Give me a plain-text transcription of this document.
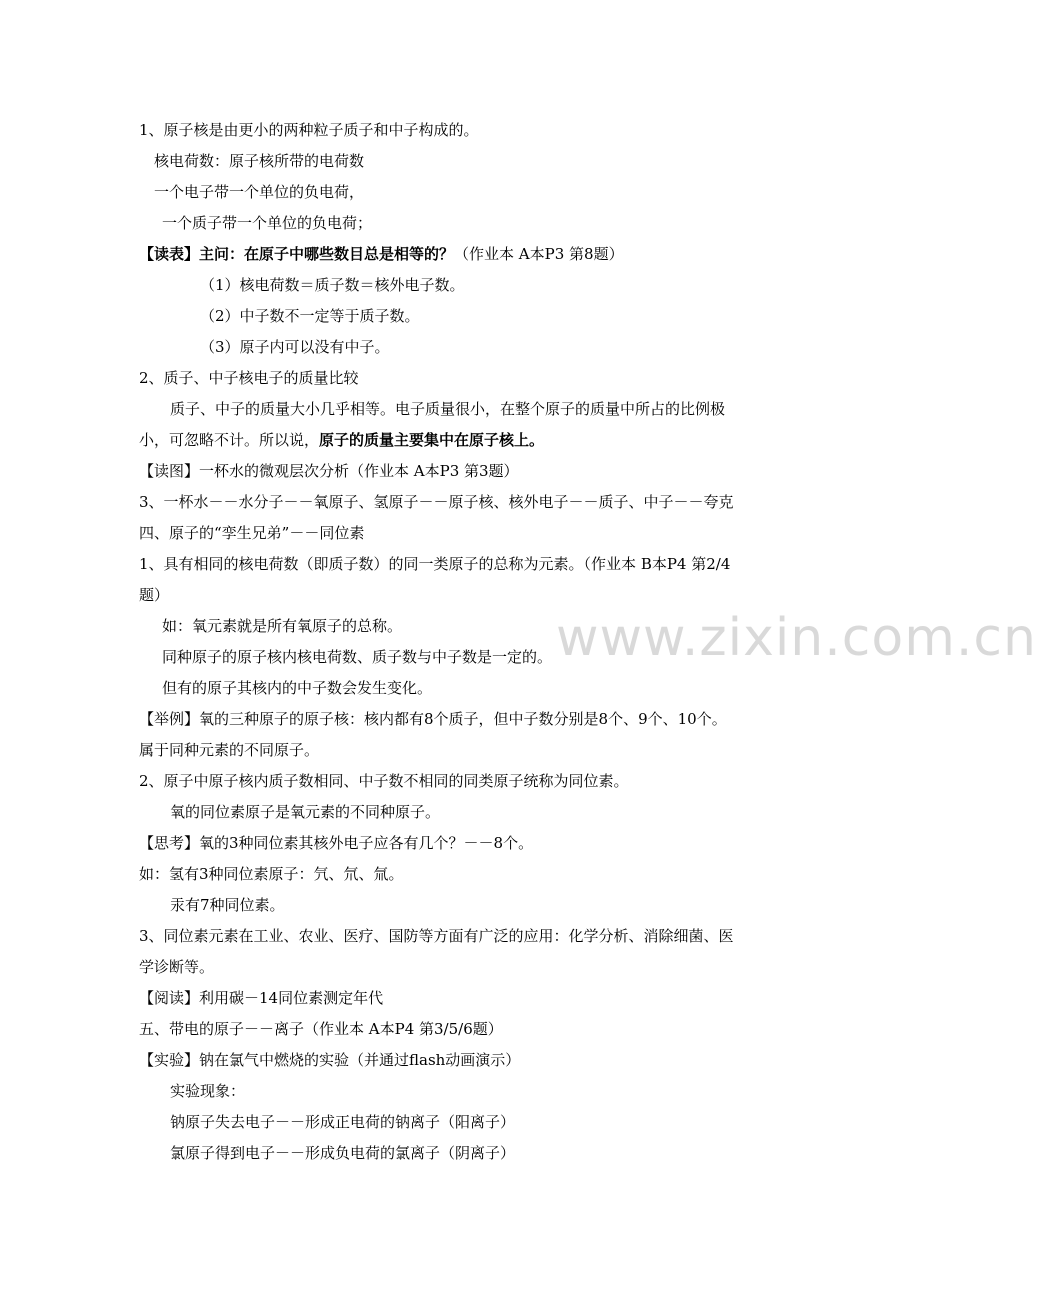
www.zixin.com.cn
1、原子核是由更小的两种粒子质子和中子构成的。
核电荷数：原子核所带的电荷数
一个电子带一个单位的负电荷，
一个质子带一个单位的负电荷；
【读表】主问：在原子中哪些数目总是相等的？（作业本 A本P3 第8题）
（1）核电荷数＝质子数＝核外电子数。
（2）中子数不一定等于质子数。
（3）原子内可以没有中子。
2、质子、中子核电子的质量比较
质子、中子的质量大小几乎相等。电子质量很小，在整个原子的质量中所占的比例极
小，可忽略不计。所以说，原子的质量主要集中在原子核上。
【读图】一杯水的微观层次分析（作业本 A本P3 第3题）
3、一杯水－－水分子－－氧原子、氢原子－－原子核、核外电子－－质子、中子－－夸克
四、原子的“孪生兄弟”－－同位素
1、具有相同的核电荷数（即质子数）的同一类原子的总称为元素。（作业本 B本P4 第2/4
题）
如：氧元素就是所有氧原子的总称。
同种原子的原子核内核电荷数、质子数与中子数是一定的。
但有的原子其核内的中子数会发生变化。
【举例】氧的三种原子的原子核：核内都有8个质子，但中子数分别是8个、9个、10个。
属于同种元素的不同原子。
2、原子中原子核内质子数相同、中子数不相同的同类原子统称为同位素。
氧的同位素原子是氧元素的不同种原子。
【思考】氧的3种同位素其核外电子应各有几个？－－8个。
如：氢有3种同位素原子：氕、氘、氚。
汞有7种同位素。
3、同位素元素在工业、农业、医疗、国防等方面有广泛的应用：化学分析、消除细菌、医
学诊断等。
【阅读】利用碳－14同位素测定年代
五、带电的原子－－离子（作业本 A本P4 第3/5/6题）
【实验】钠在氯气中燃烧的实验（并通过flash动画演示）
实验现象：
钠原子失去电子－－形成正电荷的钠离子（阳离子）
氯原子得到电子－－形成负电荷的氯离子（阴离子）
